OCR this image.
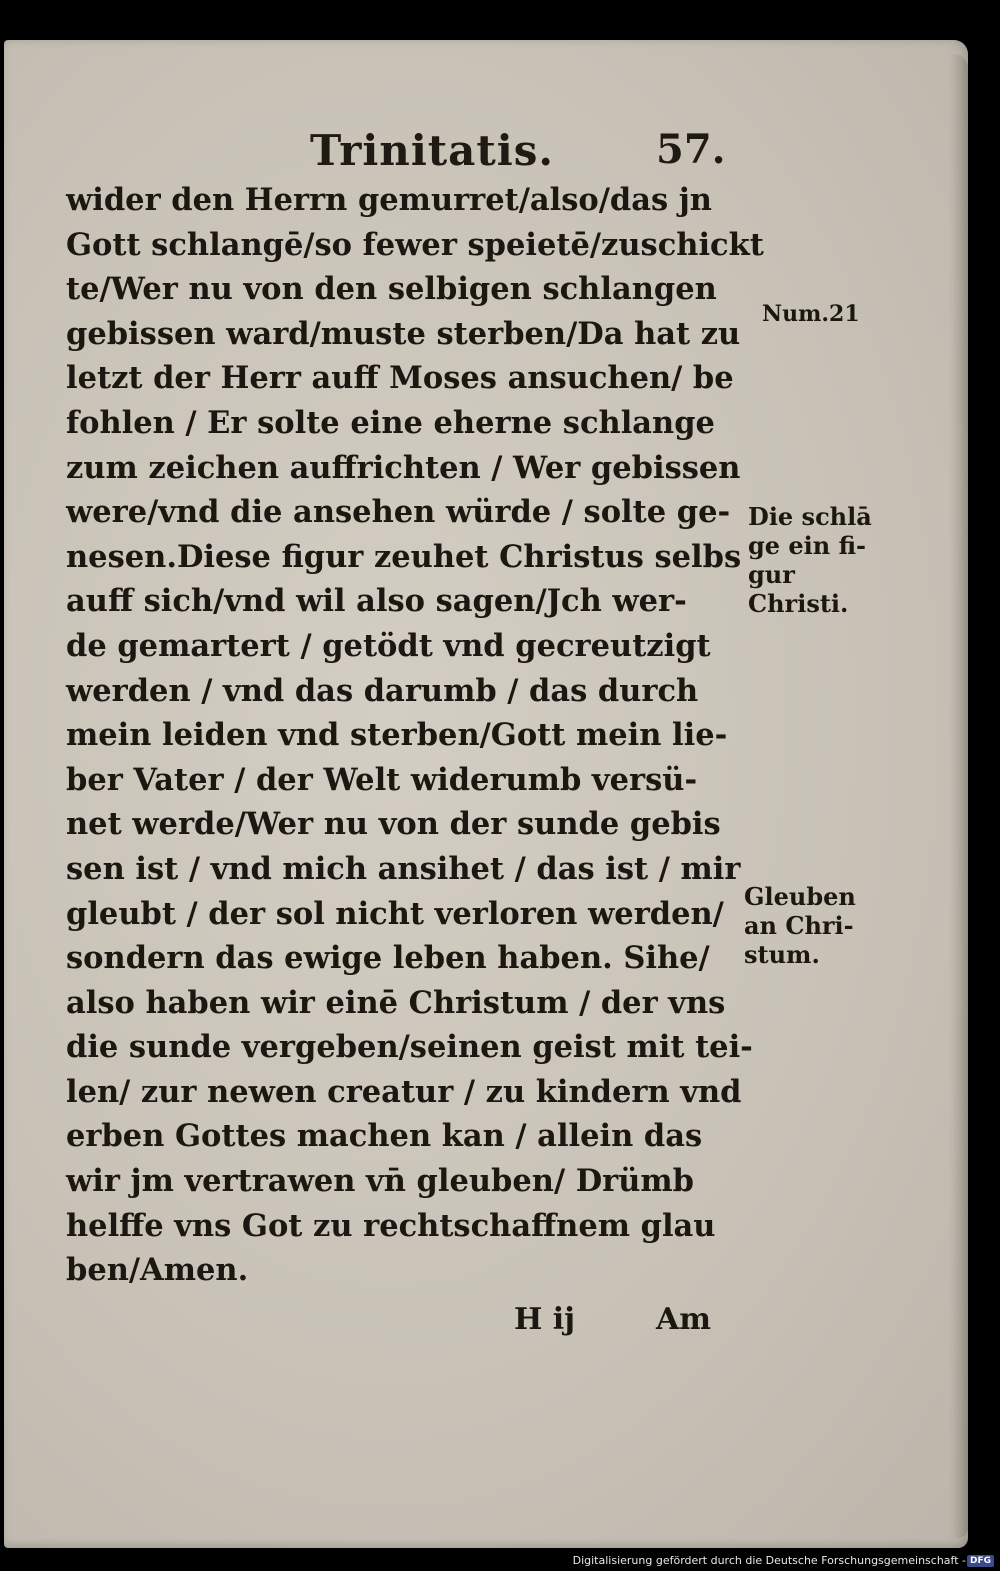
Trinitatis.	57.
wider den Herrn gemurret/also/das jn
Gott schlangē/so fewer speietē/zuschickt
te/Wer nu von den selbigen schlangen
gebissen ward/muste sterben/Da hat zu
letzt der Herr auff Moses ansuchen/ be
fohlen / Er solte eine eherne schlange
zum zeichen auffrichten / Wer gebissen
were/vnd die ansehen würde / solte ge-
nesen.Diese figur zeuhet Christus selbs
auff sich/vnd wil also sagen/Jch wer-
de gemartert / getödt vnd gecreutzigt
werden / vnd das darumb / das durch
mein leiden vnd sterben/Gott mein lie-
ber Vater / der Welt widerumb versü-
net werde/Wer nu von der sunde gebis
sen ist / vnd mich ansihet / das ist / mir
gleubt / der sol nicht verloren werden/
sondern das ewige leben haben. Sihe/
also haben wir einē Christum / der vns
die sunde vergeben/seinen geist mit tei-
len/ zur newen creatur / zu kindern vnd
erben Gottes machen kan / allein das
wir jm vertrawen vn̄ gleuben/ Drümb
helffe vns Got zu rechtschaffnem glau
ben/Amen.
Num.21
Die schlā
ge ein fi-
gur
Christi.
Gleuben
an Chri-
stum.
H ij	Am
Digitalisierung gefördert durch die Deutsche Forschungsgemeinschaft - DFG
